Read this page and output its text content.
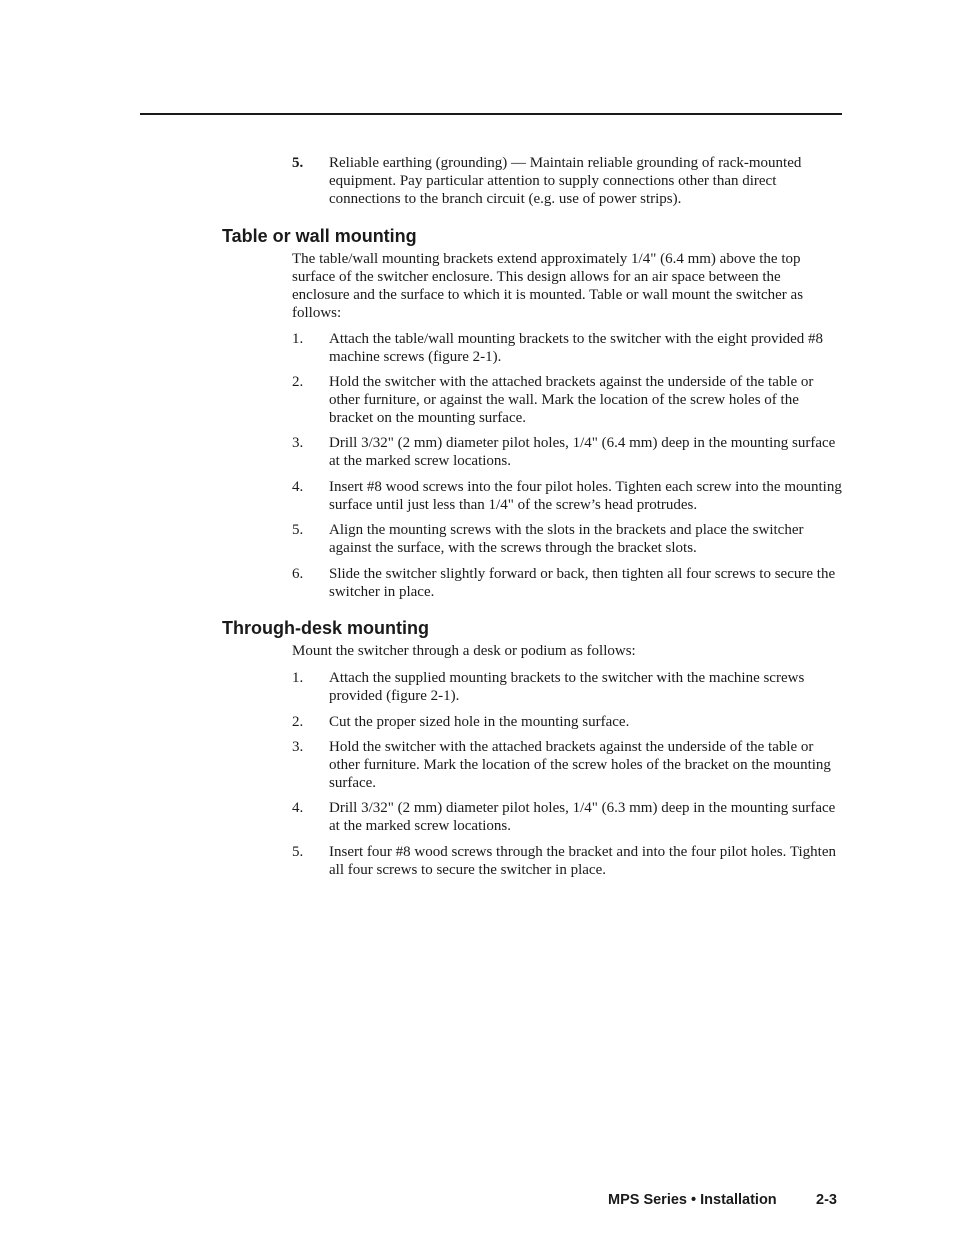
5.	Reliable earthing (grounding) — Maintain reliable grounding of rack-mounted equipment. Pay particular attention to supply connections other than direct connections to the branch circuit (e.g. use of power strips).
Table or wall mounting
The table/wall mounting brackets extend approximately 1/4" (6.4 mm) above the top surface of the switcher enclosure. This design allows for an air space between the enclosure and the surface to which it is mounted. Table or wall mount the switcher as follows:
1.	Attach the table/wall mounting brackets to the switcher with the eight provided #8 machine screws (figure 2-1).
2.	Hold the switcher with the attached brackets against the underside of the table or other furniture, or against the wall. Mark the location of the screw holes of the bracket on the mounting surface.
3.	Drill 3/32" (2 mm) diameter pilot holes, 1/4" (6.4 mm) deep in the mounting surface at the marked screw locations.
4.	Insert #8 wood screws into the four pilot holes. Tighten each screw into the mounting surface until just less than 1/4" of the screw’s head protrudes.
5.	Align the mounting screws with the slots in the brackets and place the switcher against the surface, with the screws through the bracket slots.
6.	Slide the switcher slightly forward or back, then tighten all four screws to secure the switcher in place.
Through-desk mounting
Mount the switcher through a desk or podium as follows:
1.	Attach the supplied mounting brackets to the switcher with the machine screws provided (figure 2-1).
2.	Cut the proper sized hole in the mounting surface.
3.	Hold the switcher with the attached brackets against the underside of the table or other furniture. Mark the location of the screw holes of the bracket on the mounting surface.
4.	Drill 3/32" (2 mm) diameter pilot holes, 1/4" (6.3 mm) deep in the mounting surface at the marked screw locations.
5.	Insert four #8 wood screws through the bracket and into the four pilot holes. Tighten all four screws to secure the switcher in place.
MPS Series • Installation	2-3
